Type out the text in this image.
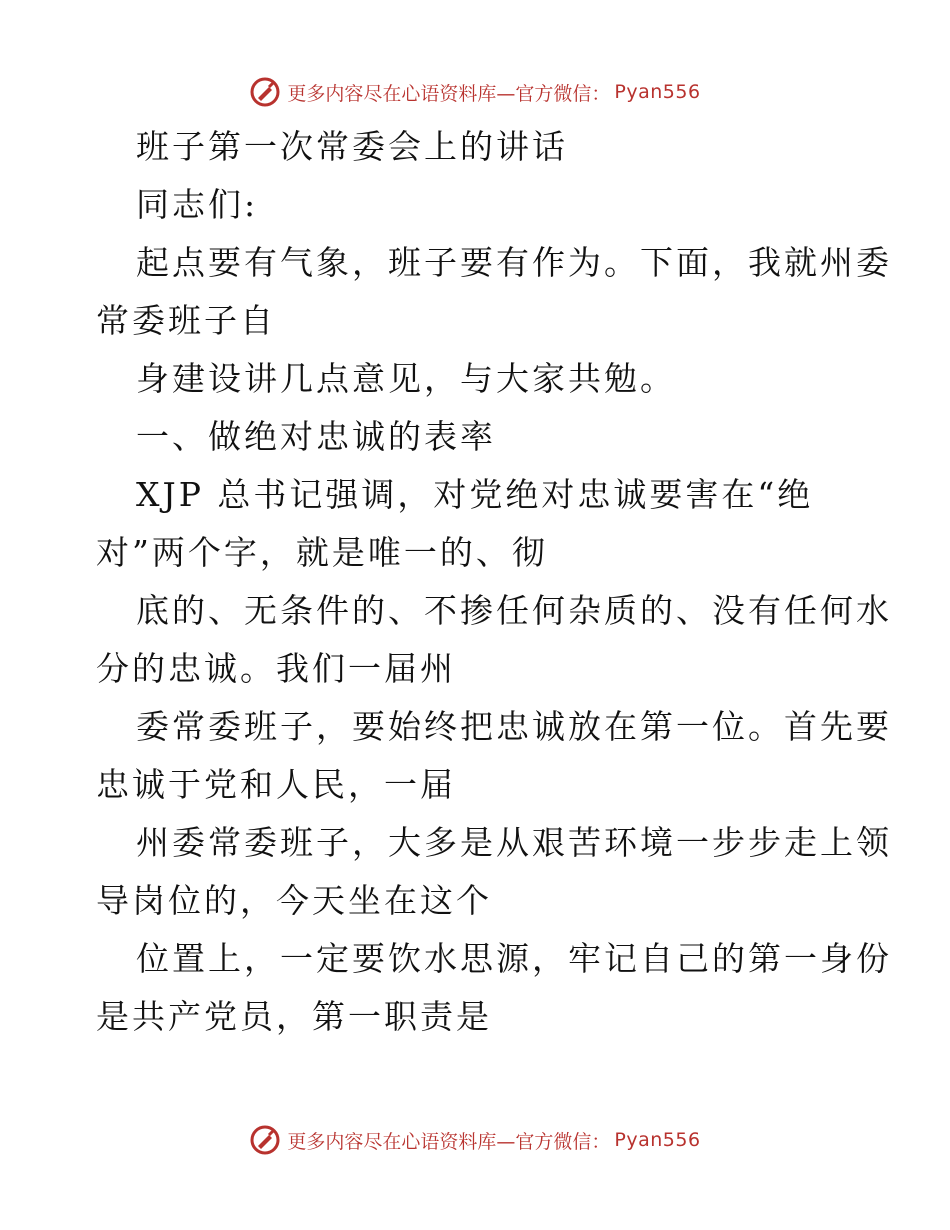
更多内容尽在心语资料库—官方微信： Pyan556

班子第一次常委会上的讲话

同志们:

起点要有气象，班子要有作为。下面，我就州委
常委班子自

身建设讲几点意见，与大家共勉。

一、做绝对忠诚的表率

XJP 总书记强调，对党绝对忠诚要害在“绝
对”两个字，就是唯一的、彻

底的、无条件的、不掺任何杂质的、没有任何水
分的忠诚。我们一届州

委常委班子，要始终把忠诚放在第一位。首先要
忠诚于党和人民，一届

州委常委班子，大多是从艰苦环境一步步走上领
导岗位的，今天坐在这个

位置上，一定要饮水思源，牢记自己的第一身份
是共产党员，第一职责是

更多内容尽在心语资料库—官方微信： Pyan556
